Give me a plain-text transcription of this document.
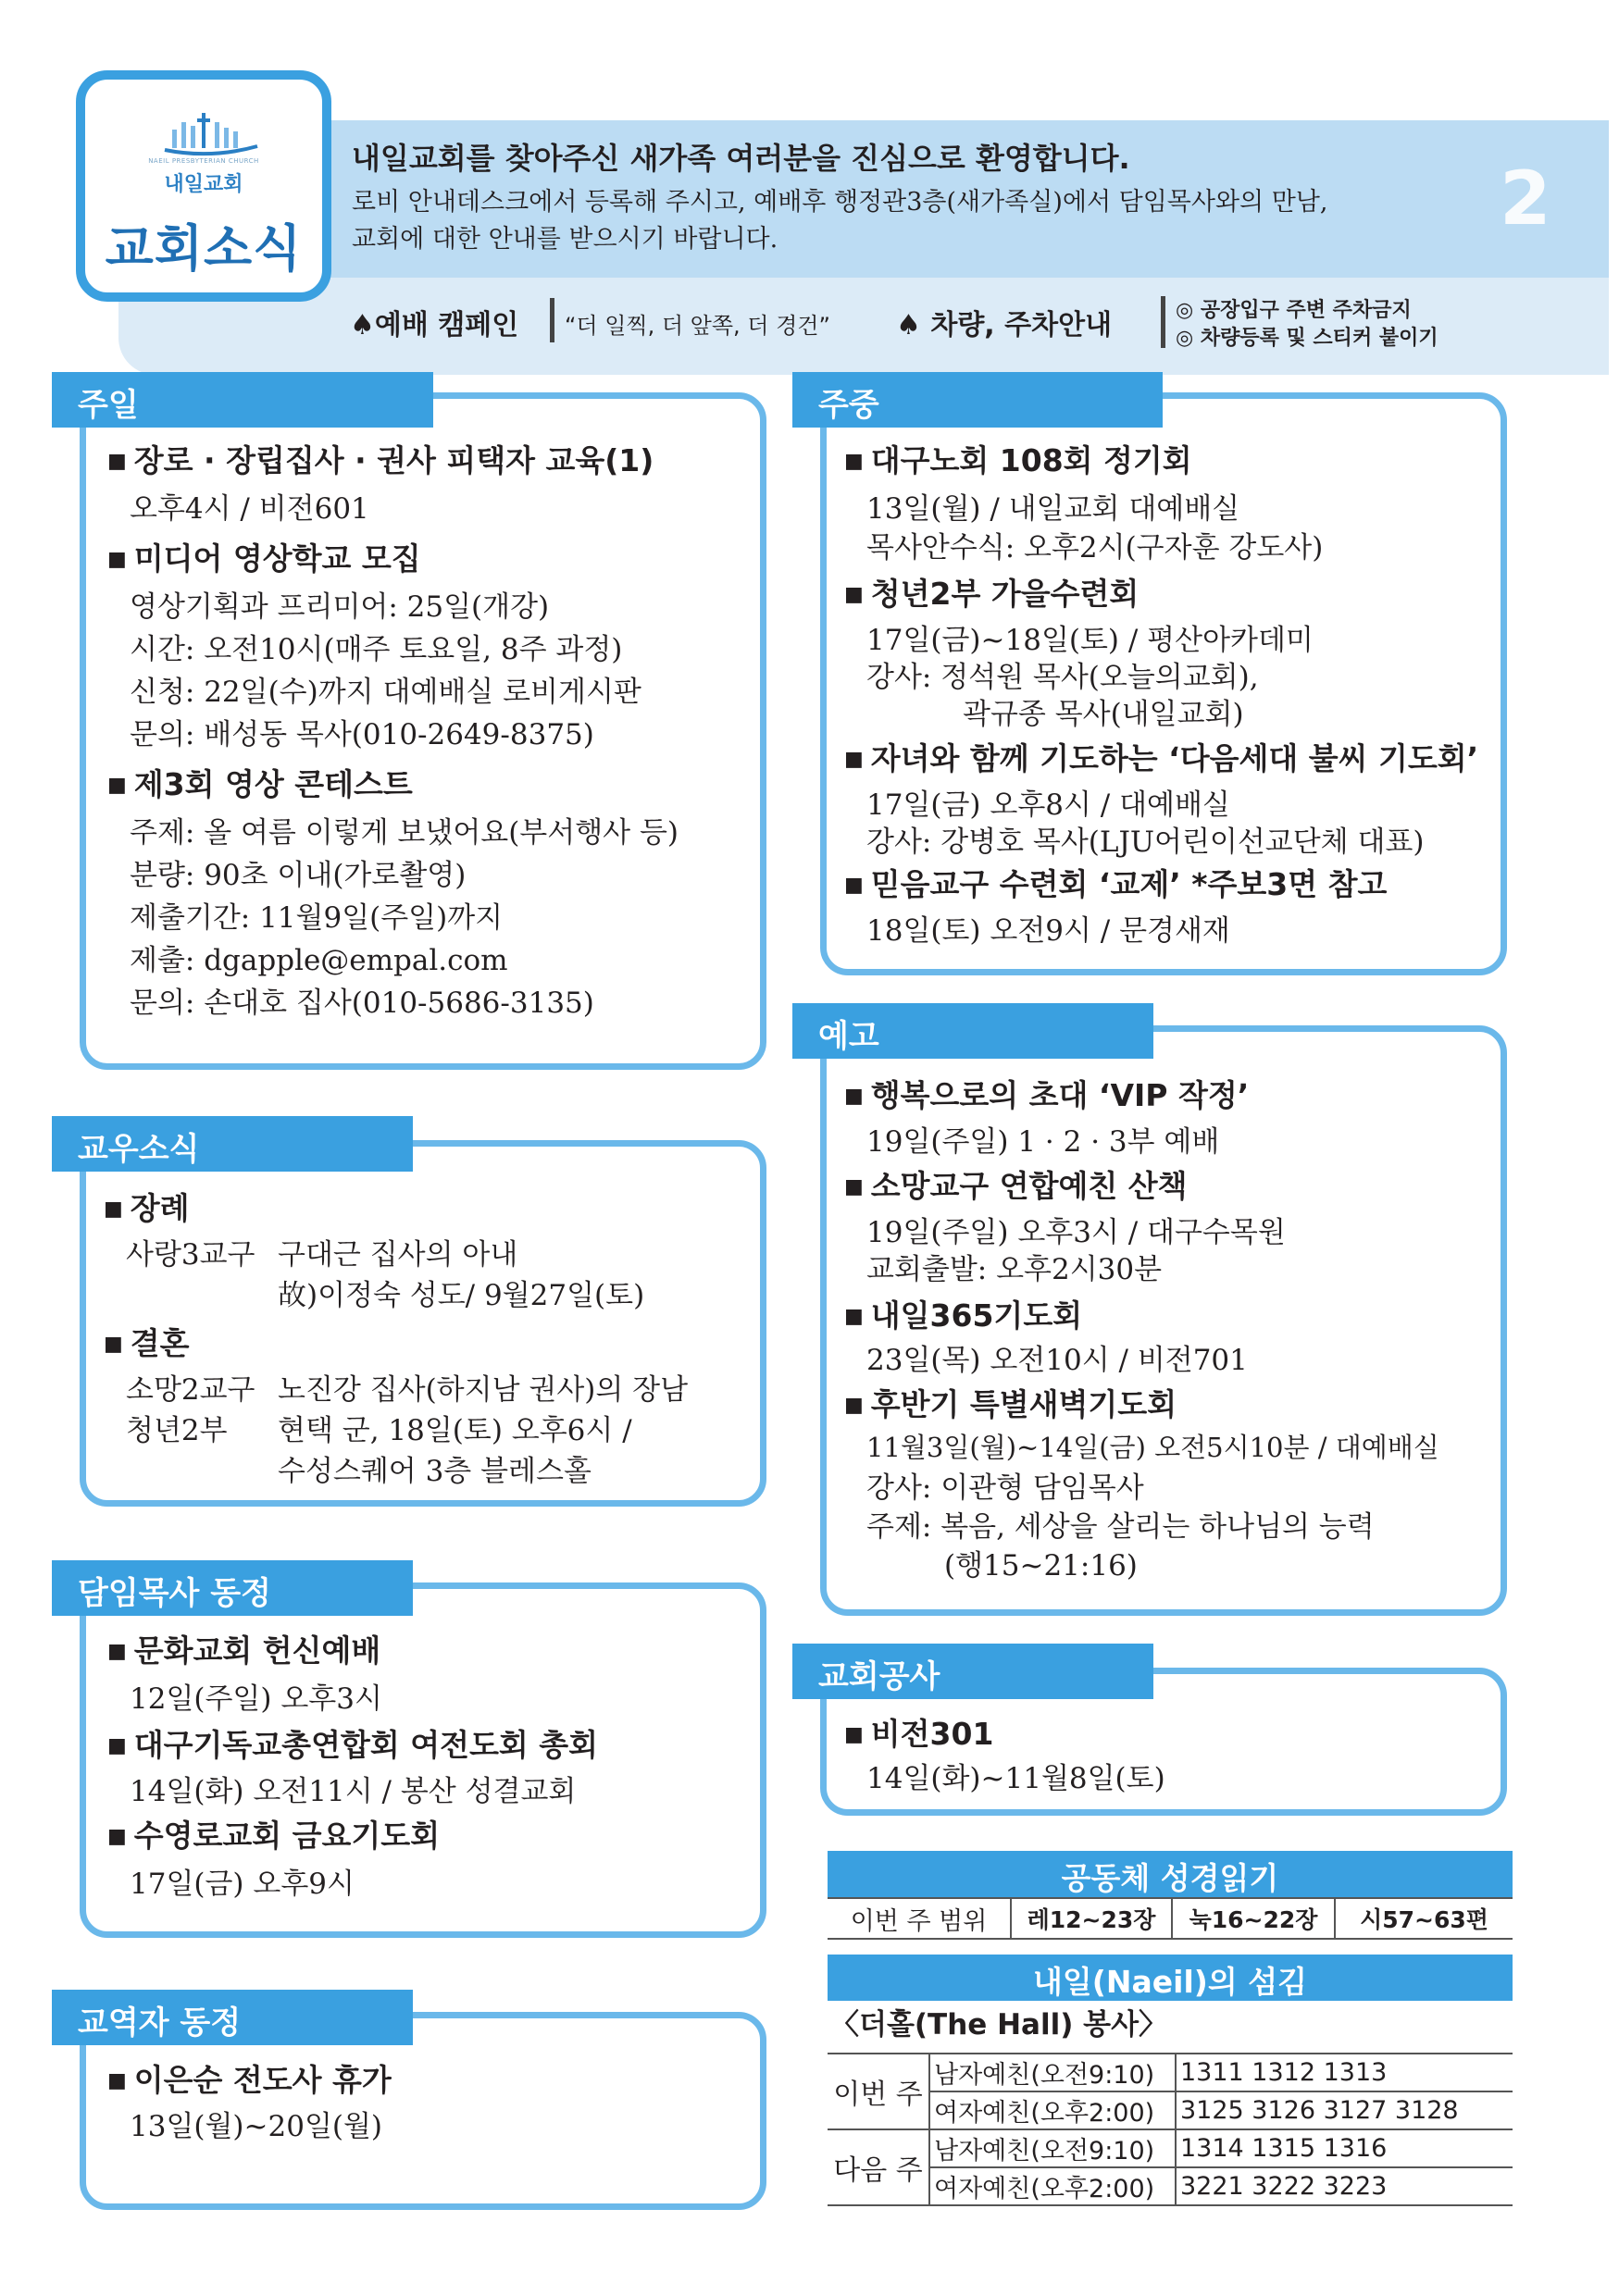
NAEIL PRESBYTERIAN CHURCH
내일교회
교회소식
내일교회를 찾아주신 새가족 여러분을 진심으로 환영합니다.
로비 안내데스크에서 등록해 주시고, 예배후 행정관3층(새가족실)에서 담임목사와의 만남,
교회에 대한 안내를 받으시기 바랍니다.	2
♠예배 캠페인 “더 일찍, 더 앞쪽, 더 경건” ♠ 차량, 주차안내	◎ 공장입구 주변 주차금지
◎ 차량등록 및 스티커 붙이기
주일
■ 장로 · 장립집사 · 권사 피택자 교육(1)
오후4시 / 비전601
■ 미디어 영상학교 모집
영상기획과 프리미어: 25일(개강)
시간: 오전10시(매주 토요일, 8주 과정)
신청: 22일(수)까지 대예배실 로비게시판
문의: 배성동 목사(010-2649-8375)
■ 제3회 영상 콘테스트
주제: 올 여름 이렇게 보냈어요(부서행사 등)
분량: 90초 이내(가로촬영)
제출기간: 11월9일(주일)까지
제출: dgapple@empal.com
문의: 손대호 집사(010-5686-3135)
주중
■ 대구노회 108회 정기회
13일(월) / 내일교회 대예배실
목사안수식: 오후2시(구자훈 강도사)
■ 청년2부 가을수련회
17일(금)~18일(토) / 평산아카데미
강사: 정석원 목사(오늘의교회),
곽규종 목사(내일교회)
■ 자녀와 함께 기도하는 ‘다음세대 불씨 기도회’
17일(금) 오후8시 / 대예배실
강사: 강병호 목사(LJU어린이선교단체 대표)
■ 믿음교구 수련회 ‘교제’ *주보3면 참고
18일(토) 오전9시 / 문경새재
교우소식
■ 장례
사랑3교구 구대근 집사의 아내
故)이정숙 성도/ 9월27일(토)
■ 결혼
소망2교구 노진강 집사(하지남 권사)의 장남
청년2부 현택 군, 18일(토) 오후6시 /
수성스퀘어 3층 블레스홀
예고
■ 행복으로의 초대 ‘VIP 작정’
19일(주일) 1 · 2 · 3부 예배
■ 소망교구 연합예친 산책
19일(주일) 오후3시 / 대구수목원
교회출발: 오후2시30분
■ 내일365기도회
23일(목) 오전10시 / 비전701
■ 후반기 특별새벽기도회
11월3일(월)~14일(금) 오전5시10분 / 대예배실
강사: 이관형 담임목사
주제: 복음, 세상을 살리는 하나님의 능력
(행15~21:16)
담임목사 동정
■ 문화교회 헌신예배
12일(주일) 오후3시
■ 대구기독교총연합회 여전도회 총회
14일(화) 오전11시 / 봉산 성결교회
■ 수영로교회 금요기도회
17일(금) 오후9시
교회공사
■ 비전301
14일(화)~11월8일(토)
교역자 동정
■ 이은순 전도사 휴가
13일(월)~20일(월)
공동체 성경읽기
이번 주 범위	레12~23장	눅16~22장	시57~63편
내일(Naeil)의 섬김
〈더홀(The Hall) 봉사〉
이번 주	남자예친(오전9:10)	1311 1312 1313
	여자예친(오후2:00)	3125 3126 3127 3128
다음 주	남자예친(오전9:10)	1314 1315 1316
	여자예친(오후2:00)	3221 3222 3223
